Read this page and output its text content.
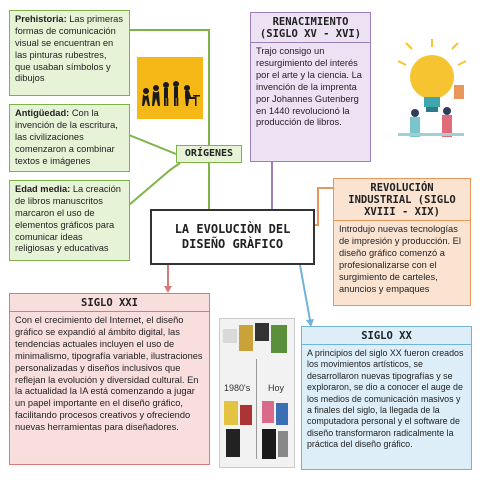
Prehistoria: Las primeras formas de comunicación visual se encuentran en las pinturas rubestres, que usaban símbolos y dibujos
Antigüedad: Con la invención de la escritura, las civilizaciones comenzaron a combinar textos e imágenes
Edad media: La creación de libros manuscritos marcaron el uso de elementos gráficos para comunicar ideas religiosas y educativas
ORÍGENES
RENACIMIENTO (SIGLO XV - XVI)
Trajo consigo un resurgimiento del interés por el arte y la ciencia. La invención de la imprenta por Johannes Gutenberg en 1440 revolucionó la producción de libros.
LA EVOLUCIÒN DEL DISEÑO GRÀFICO
REVOLUCIÓN INDUSTRIAL (SIGLO XVIII - XIX)
Introdujo nuevas tecnologías de impresión y producción. El diseño gráfico comenzó a profesionalizarse con el surgimiento de carteles, anuncios y empaques
SIGLO XXI
Con el crecimiento del Internet, el diseño gráfico se expandió al ámbito digital, las tendencias actuales incluyen el uso de minimalismo, tipografía variable, ilustraciones personalizadas y diseños inclusivos que reflejan la evolución y diversidad cultural. En la actualidad la IA está comenzando a jugar un papel importante en el diseño gráfico, facilitando procesos creativos y ofreciendo nuevas herramientas para diseñadores.
1980's Hoy
SIGLO XX
A principios del siglo XX fueron creados los movimientos artísticos, se desarrollaron nuevas tipografías y se exploraron, se dio a conocer el auge de los medios de comunicación masivos y a finales del siglo, la llegada de la computadora personal y el software de diseño transformaron radicalmente la práctica del diseño gráfico.
